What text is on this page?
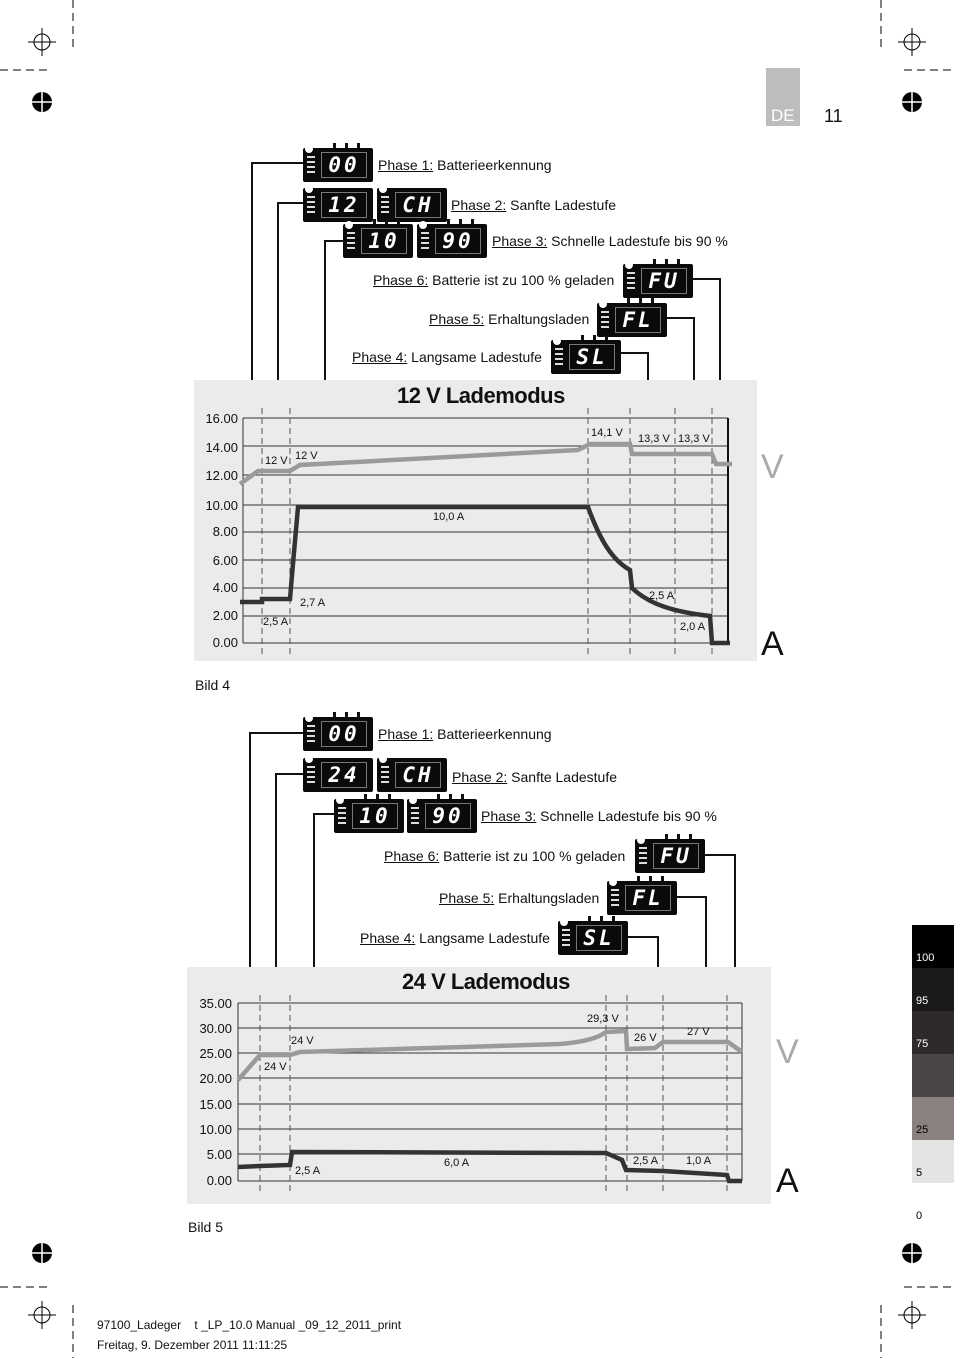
DE 11
00
12	CH
10	90
FU
FL
SL
Phase 1: Batterieerkennung
Phase 2: Sanfte Ladestufe
Phase 3: Schnelle Ladestufe bis 90 %
Phase 6: Batterie ist zu 100 % geladen
Phase 5: Erhaltungsladen
Phase 4: Langsame Ladestufe
12 V Lademodus
16.00
14.00
12.00
10.00
8.00
6.00
4.00
2.00
0.00
12 V 12 V
14,1 V 13,3 V 13,3 V
10,0 A
2,7 A
2,5 A
2,5 A
2,0 A
V
A
Bild 4
00
24	CH
10	90
FU
FL
SL
Phase 1: Batterieerkennung
Phase 2: Sanfte Ladestufe
Phase 3: Schnelle Ladestufe bis 90 %
Phase 6: Batterie ist zu 100 % geladen
Phase 5: Erhaltungsladen
Phase 4: Langsame Ladestufe
24 V Lademodus
35.00
30.00
25.00
20.00
15.00
10.00
5.00
0.00
24 V
24 V
29,3 V
26 V	27 V
6,0 A
2,5 A
2,5 A	1,0 A
V
A
Bild 5
100
95
75
25
5
0
97100_Ladeger    t _LP_10.0 Manual _09_12_2011_print
Freitag, 9. Dezember 2011 11:11:25
